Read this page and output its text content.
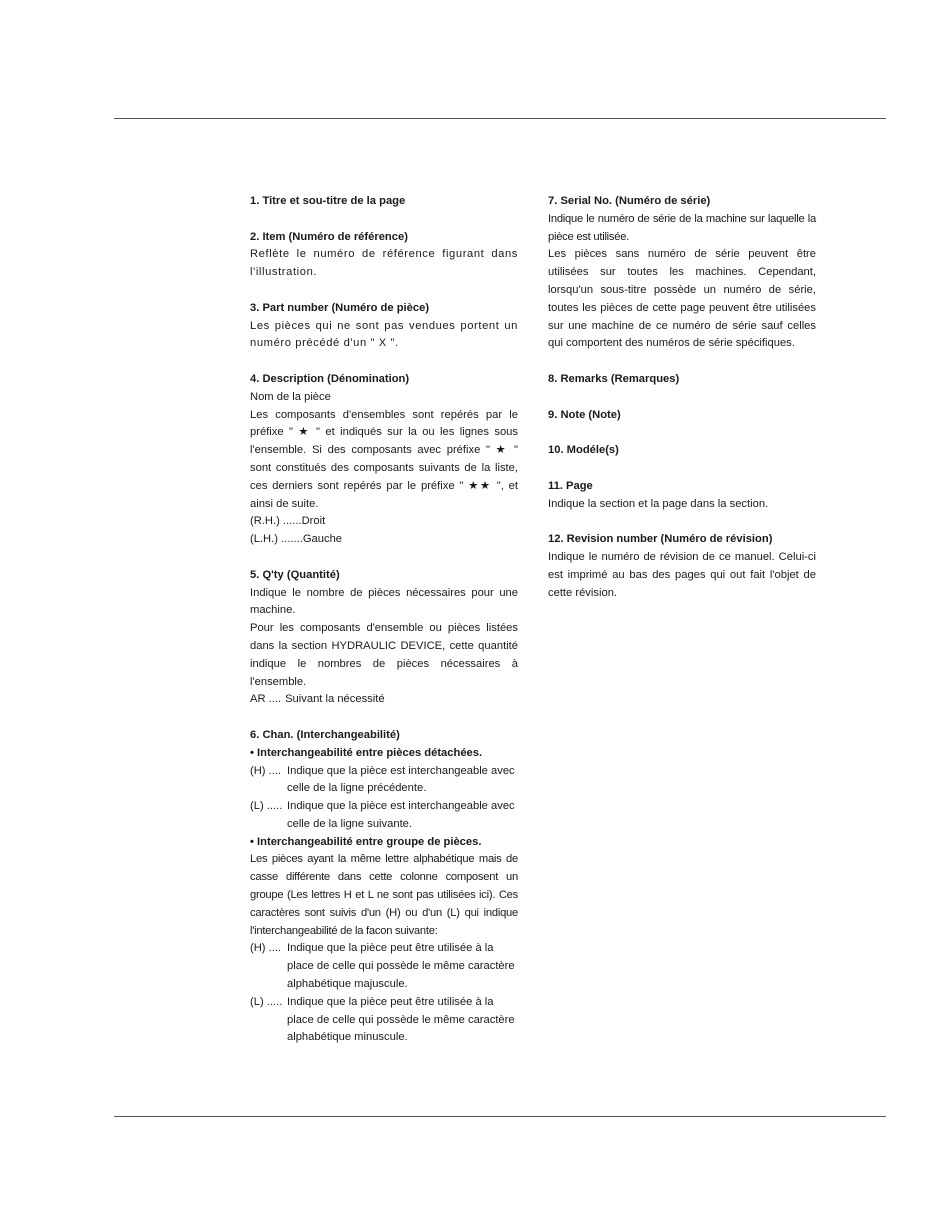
1. Titre et sou-titre de la page
2. Item (Numéro de référence)
Reflète le numéro de référence figurant dans l'illustration.
3. Part number (Numéro de pièce)
Les pièces qui ne sont pas vendues portent un numéro précédé d'un " X ".
4. Description (Dénomination)
Nom de la pièce
Les composants d'ensembles sont repérés par le préfixe " ★ " et indiqués sur la ou les lignes sous l'ensemble. Si des composants avec préfixe " ★ " sont constitués des composants suivants de la liste, ces derniers sont repérés par le préfixe " ★★ ", et ainsi de suite.
(R.H.) ...... Droit
(L.H.) ....... Gauche
5. Q'ty (Quantité)
Indique le nombre de pièces nécessaires pour une machine.
Pour les composants d'ensemble ou pièces listées dans la section HYDRAULIC DEVICE, cette quantité indique le nombres de pièces nécessaires à l'ensemble.
AR .... Suivant la nécessité
6. Chan. (Interchangeabilité)
• Interchangeabilité entre pièces détachées.
(H) .... Indique que la pièce est interchangeable avec celle de la ligne précédente.
(L) ..... Indique que la pièce est interchangeable avec celle de la ligne suivante.
• Interchangeabilité entre groupe de pièces.
Les pièces ayant la même lettre alphabétique mais de casse différente dans cette colonne composent un groupe (Les lettres H et L ne sont pas utilisées ici). Ces caractères sont suivis d'un (H) ou d'un (L) qui indique l'interchangeabilité de la facon suivante:
(H) .... Indique que la pièce peut être utilisée à la place de celle qui possède le même caractère alphabétique majuscule.
(L) ..... Indique que la pièce peut être utilisée à la place de celle qui possède le même caractère alphabétique minuscule.
7. Serial No. (Numéro de série)
Indique le numéro de série de la machine sur laquelle la pièce est utilisée.
Les pièces sans numéro de série peuvent être utilisées sur toutes les machines. Cependant, lorsqu'un sous-titre possède un numéro de série, toutes les pièces de cette page peuvent être utilisées sur une machine de ce numéro de série sauf celles qui comportent des numéros de série spécifiques.
8. Remarks (Remarques)
9. Note (Note)
10. Modéle(s)
11. Page
Indique la section et la page dans la section.
12. Revision number (Numéro de révision)
Indique le numéro de révision de ce manuel. Celui-ci est imprimé au bas des pages qui out fait l'objet de cette révision.
